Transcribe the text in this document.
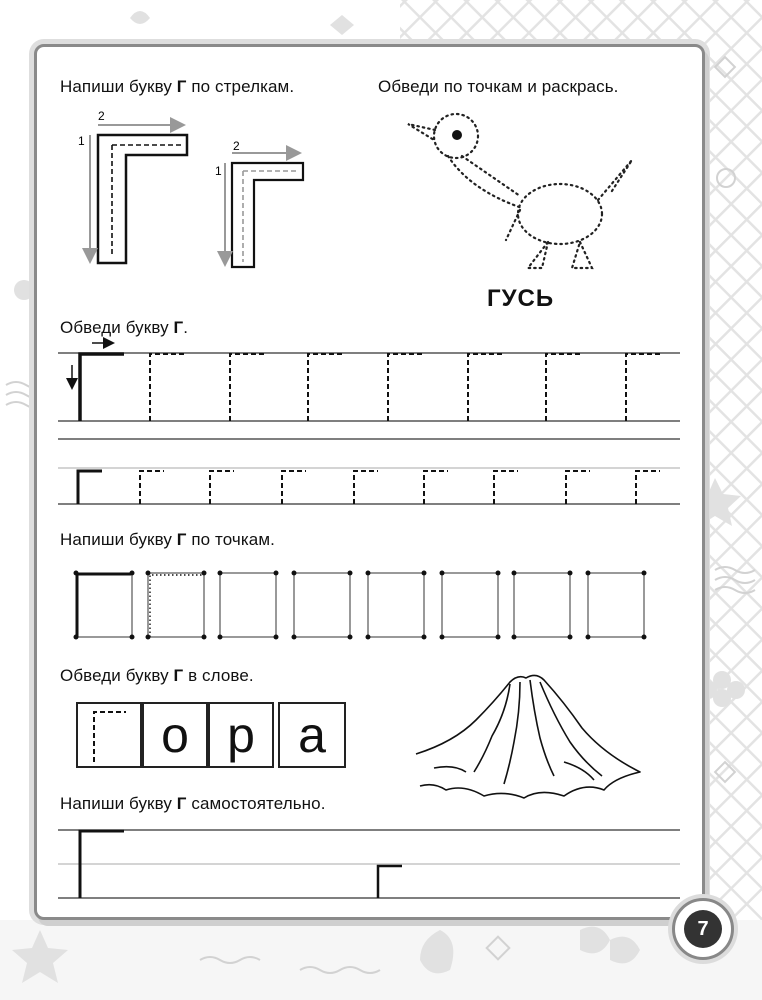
Напиши букву Г по стрелкам.
1
2
1
2
Обведи по точкам и раскрась.
ГУСЬ
Обведи букву Г.
Напиши букву Г по точкам.
Обведи букву Г в слове.
о р а
Напиши букву Г самостоятельно.
7
